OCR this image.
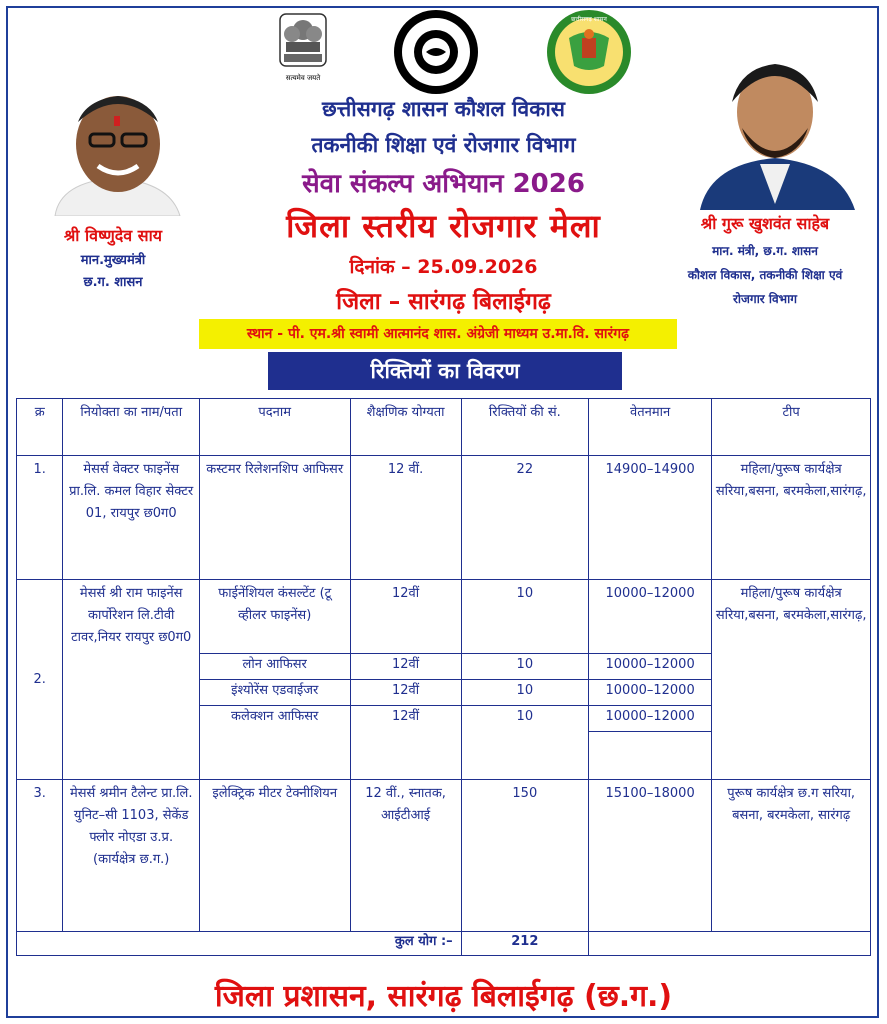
सत्यमेव जयते
छत्तीसगढ़ शासन
श्री विष्णुदेव साय
मान.मुख्यमंत्री
छ.ग. शासन
श्री गुरू खुशवंत साहेब
मान. मंत्री, छ.ग. शासन
कौशल विकास, तकनीकी शिक्षा एवं
रोजगार विभाग
छत्तीसगढ़ शासन कौशल विकास
तकनीकी शिक्षा एवं रोजगार विभाग
सेवा संकल्प अभियान 2026
जिला स्तरीय रोजगार मेला
दिनांक – 25.09.2026
जिला – सारंगढ़ बिलाईगढ़
स्थान - पी. एम.श्री स्वामी आत्मानंद शास. अंग्रेजी माध्यम उ.मा.वि. सारंगढ़
रिक्तियों का विवरण
क्र	नियोक्ता का नाम/पता	पदनाम	शैक्षणिक योग्यता	रिक्तियों की सं.	वेतनमान	टीप
1.	मेसर्स वेक्टर फाइनेंस प्रा.लि. कमल विहार सेक्टर 01, रायपुर छ0ग0	कस्टमर रिलेशनशिप आफिसर	12 वीं.	22	14900–14900	महिला/पुरूष कार्यक्षेत्र सरिया,बसना, बरमकेला,सारंगढ़,
2.	मेसर्स श्री राम फाइनेंस कार्पोरेशन लि.टीवी टावर,नियर रायपुर छ0ग0	फाईनेंशियल कंसल्टेंट (टू व्हीलर फाइनेंस)	12वीं	10	10000–12000	महिला/पुरूष कार्यक्षेत्र सरिया,बसना, बरमकेला,सारंगढ़,
		लोन आफिसर	12वीं	10	10000–12000	
		इंश्योरेंस एडवाईजर	12वीं	10	10000–12000	
		कलेक्शन आफिसर	12वीं	10	10000–12000	

3.	मेसर्स श्रमीन टैलेन्ट प्रा.लि. युनिट–सी 1103, सेकेंड फ्लोर नोएडा उ.प्र. (कार्यक्षेत्र छ.ग.)	इलेक्ट्रिक मीटर टेक्नीशियन	12 वीं., स्नातक, आईटीआई	150	15100–18000	पुरूष कार्यक्षेत्र छ.ग सरिया, बसना, बरमकेला, सारंगढ़
कुल योग :–				212		
जिला प्रशासन, सारंगढ़ बिलाईगढ़ (छ.ग.)
